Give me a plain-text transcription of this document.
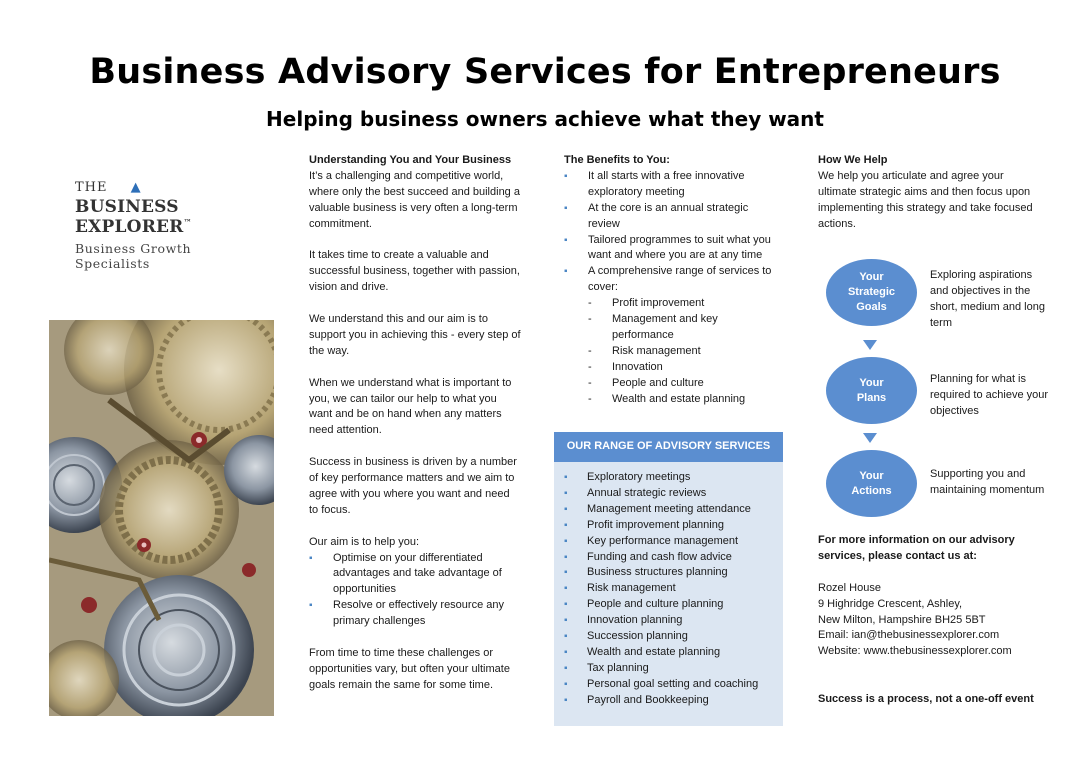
Business Advisory Services for Entrepreneurs
Helping business owners achieve what they want
THE ▲
BUSINESS EXPLORER™
Business Growth Specialists

Understanding You and Your Business

It’s a challenging and competitive world, where only the best succeed and building a valuable business is very often a long-term commitment.

It takes time to create a valuable and successful business, together with passion, vision and drive.

We understand this and our aim is to support you in achieving this - every step of the way.

When we understand what is important to you, we can tailor our help to what you want and be on hand when any matters need attention.

Success in business is driven by a number of key performance matters and we aim to agree with you where you want and need to focus.

Our aim is to help you:

▪ Optimise on your differentiated advantages and take advantage of opportunities
▪ Resolve or effectively resource any primary challenges

From time to time these challenges or opportunities vary, but often your ultimate goals remain the same for some time.

The Benefits to You:

▪ It all starts with a free innovative exploratory meeting
▪ At the core is an annual strategic review
▪ Tailored programmes to suit what you want and where you are at any time
▪ A comprehensive range of services to cover:
- Profit improvement
- Management and key performance
- Risk management
- Innovation
- People and culture
- Wealth and estate planning
OUR RANGE OF ADVISORY SERVICES
▪ Exploratory meetings
▪ Annual strategic reviews
▪ Management meeting attendance
▪ Profit improvement planning
▪ Key performance management
▪ Funding and cash flow advice
▪ Business structures planning
▪ Risk management
▪ People and culture planning
▪ Innovation planning
▪ Succession planning
▪ Wealth and estate planning
▪ Tax planning
▪ Personal goal setting and coaching
▪ Payroll and Bookkeeping

How We Help

We help you articulate and agree your ultimate strategic aims and then focus upon implementing this strategy and take focused actions.

Your Strategic Goals
Exploring aspirations and objectives in the short, medium and long term
Your Plans
Planning for what is required to achieve your objectives
Your Actions
Supporting you and maintaining momentum
For more information on our advisory services, please contact us at:
Rozel House
9 Highridge Crescent, Ashley,
New Milton, Hampshire BH25 5BT
Email: ian@thebusinessexplorer.com
Website: www.thebusinessexplorer.com
Success is a process, not a one-off event
